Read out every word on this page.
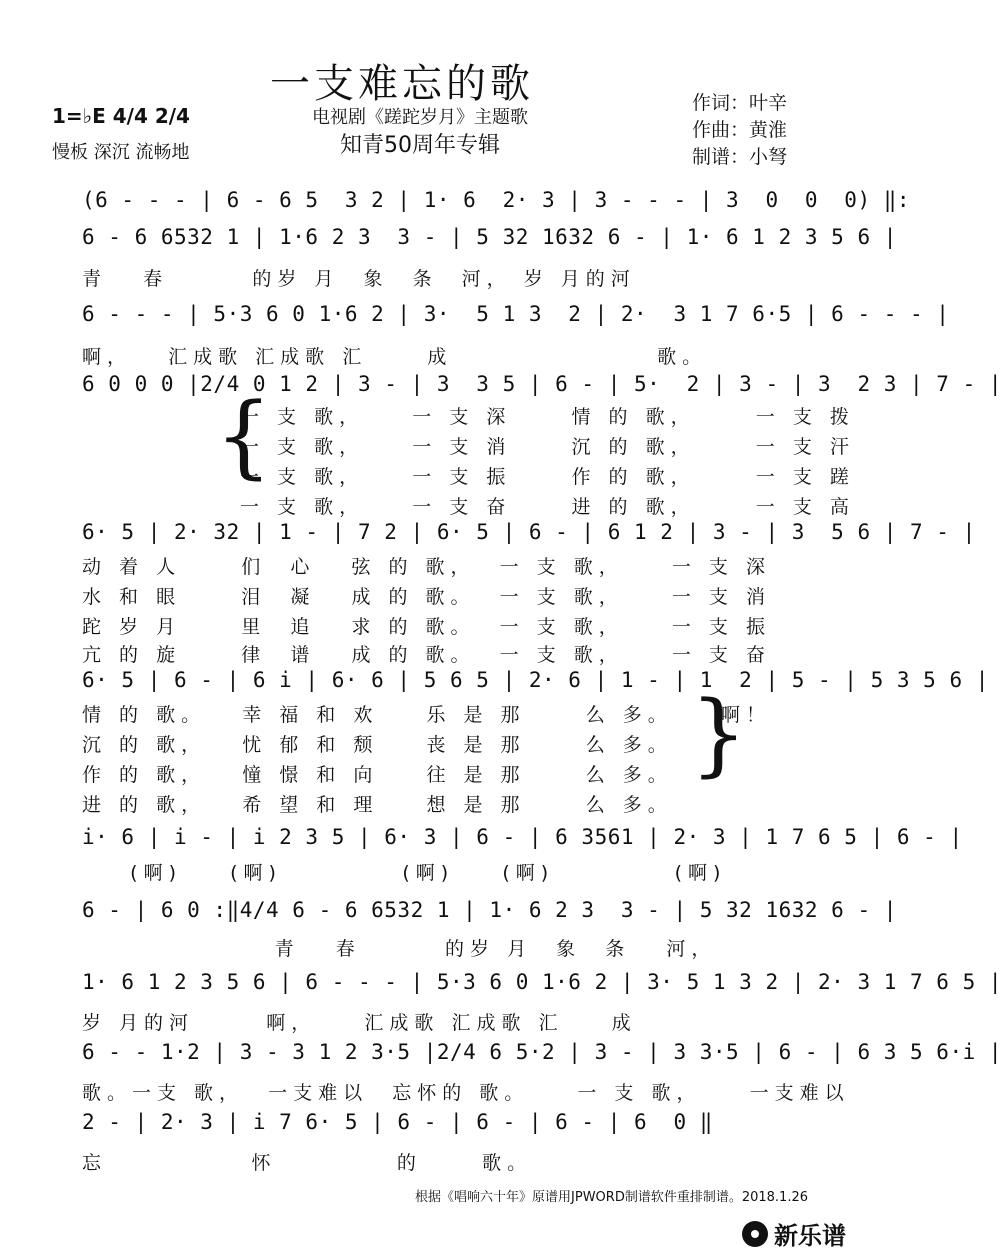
一支难忘的歌
电视剧《蹉跎岁月》主题歌
知青50周年专辑
1=♭E 4/4 2/4
慢板 深沉 流畅地
作词：叶辛
作曲：黄淮
制谱：小弩
(6 - - - | 6 - 6 5  3 2 | 1· 6  2· 3 | 3 - - - | 3  0  0  0) ‖:
6 - 6 6532 1 | 1·6 2 3  3 - | 5 32 1632 6 - | 1· 6 1 2 3 5 6 |
青   春       的岁 月  象  条  河， 岁 月的河
6 - - - | 5·3 6 0 1·6 2 | 3·  5 1 3  2 | 2·  3 1 7 6·5 | 6 - - - |
啊，   汇成歌 汇成歌 汇     成                 歌。
6 0 0 0 |2/4 0 1 2 | 3 - | 3  3 5 | 6 - | 5·  2 | 3 - | 3  2 3 | 7 - |
一 支 歌，    一 支 深     情 的 歌，     一 支 拨
一 支 歌，    一 支 消     沉 的 歌，     一 支 汗
一 支 歌，    一 支 振     作 的 歌，     一 支 蹉
一 支 歌，    一 支 奋     进 的 歌，     一 支 高
6· 5 | 2· 32 | 1 - | 7 2 | 6· 5 | 6 - | 6 1 2 | 3 - | 3  5 6 | 7 - |
动 着 人     们  心   弦 的 歌，  一 支 歌，    一 支 深
水 和 眼     泪  凝   成 的 歌。  一 支 歌，    一 支 消
跎 岁 月     里  追   求 的 歌。  一 支 歌，    一 支 振
亢 的 旋     律  谱   成 的 歌。  一 支 歌，    一 支 奋
6· 5 | 6 - | 6 i | 6· 6 | 5 6 5 | 2· 6 | 1 - | 1  2 | 5 - | 5 3 5 6 |
情 的 歌。   幸 福 和 欢    乐 是 那     么 多。    啊！
沉 的 歌，   忧 郁 和 颓    丧 是 那     么 多。
作 的 歌，   憧 憬 和 向    往 是 那     么 多。
进 的 歌，   希 望 和 理    想 是 那     么 多。
i· 6 | i - | i 2 3 5 | 6· 3 | 6 - | 6 3561 | 2· 3 | 1 7 6 5 | 6 - |
(啊)    (啊)          (啊)    (啊)          (啊)
6 - | 6 0 :‖4/4 6 - 6 6532 1 | 1· 6 2 3  3 - | 5 32 1632 6 - |
青   春       的岁 月  象  条   河，
1· 6 1 2 3 5 6 | 6 - - - | 5·3 6 0 1·6 2 | 3· 5 1 3 2 | 2· 3 1 7 6 5 |
岁 月的河      啊，    汇成歌 汇成歌 汇    成
6 - - 1·2 | 3 - 3 1 2 3·5 |2/4 6 5·2 | 3 - | 3 3·5 | 6 - | 6 3 5 6·i |
歌。一支 歌，  一支难以  忘怀的 歌。    一 支 歌，    一支难以
2 - | 2· 3 | i 7 6· 5 | 6 - | 6 - | 6 - | 6  0 ‖
忘            怀          的     歌。
{
}
根据《唱响六十年》原谱用JPWORD制谱软件重排制谱。2018.1.26
新乐谱
